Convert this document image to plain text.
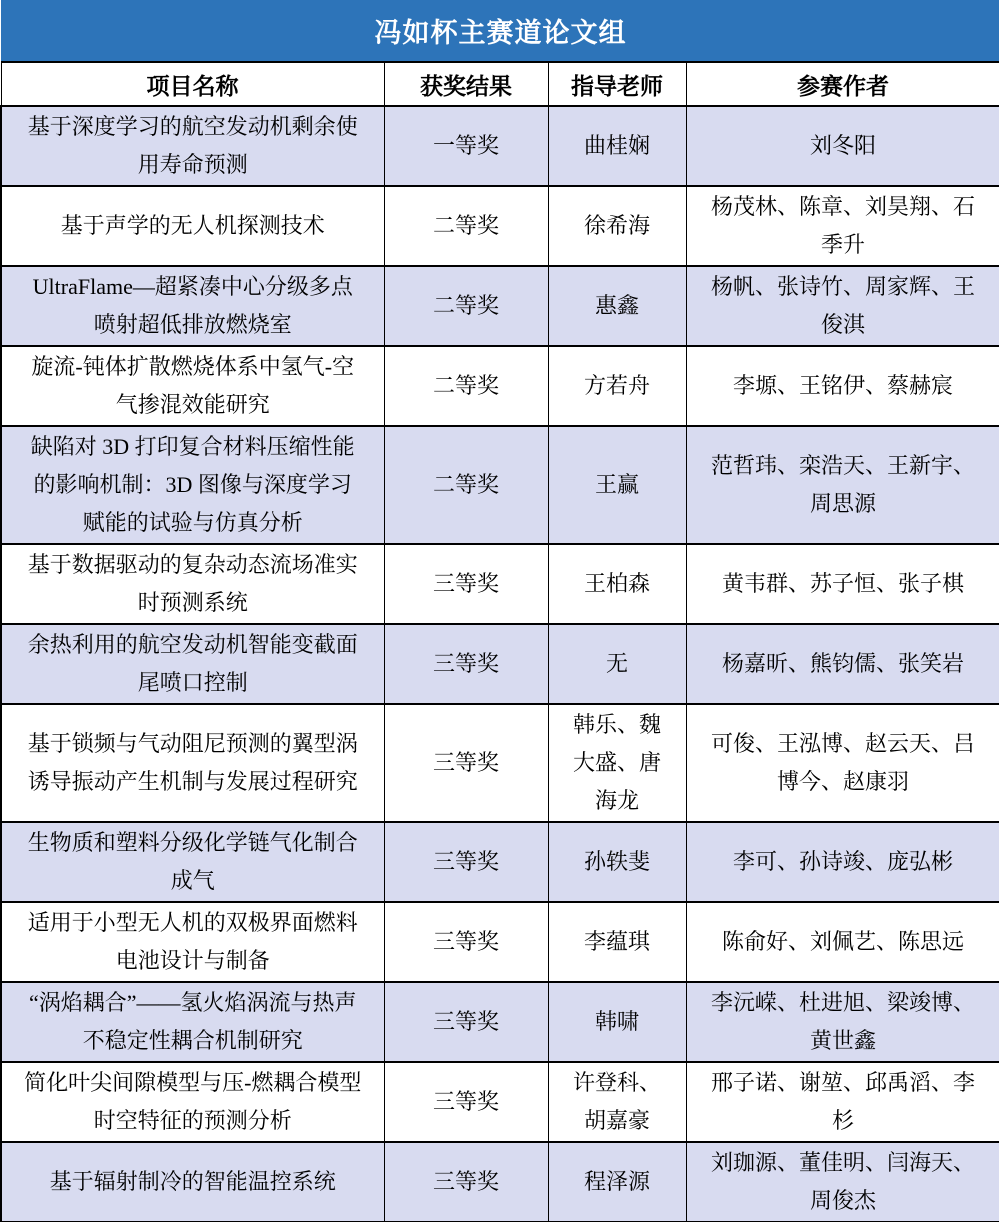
冯如杯主赛道论文组			
项目名称	获奖结果	指导老师	参赛作者
基于深度学习的航空发动机剩余使用寿命预测	一等奖	曲桂娴	刘冬阳
基于声学的无人机探测技术	二等奖	徐希海	杨茂林、陈章、刘昊翔、石季升
UltraFlame—超紧凑中心分级多点喷射超低排放燃烧室	二等奖	惠鑫	杨帆、张诗竹、周家辉、王俊淇
旋流-钝体扩散燃烧体系中氢气-空气掺混效能研究	二等奖	方若舟	李塬、王铭伊、蔡赫宸
缺陷对 3D 打印复合材料压缩性能的影响机制：3D 图像与深度学习赋能的试验与仿真分析	二等奖	王赢	范哲玮、栾浩天、王新宇、周思源
基于数据驱动的复杂动态流场准实时预测系统	三等奖	王柏森	黄韦群、苏子恒、张子棋
余热利用的航空发动机智能变截面尾喷口控制	三等奖	无	杨嘉昕、熊钧儒、张笑岩
基于锁频与气动阻尼预测的翼型涡诱导振动产生机制与发展过程研究	三等奖	韩乐、魏大盛、唐海龙	可俊、王泓博、赵云天、吕博今、赵康羽
生物质和塑料分级化学链气化制合成气	三等奖	孙轶斐	李可、孙诗竣、庞弘彬
适用于小型无人机的双极界面燃料电池设计与制备	三等奖	李蕴琪	陈俞好、刘佩艺、陈思远
“涡焰耦合”——氢火焰涡流与热声不稳定性耦合机制研究	三等奖	韩啸	李沅嵘、杜进旭、梁竣博、黄世鑫
简化叶尖间隙模型与压-燃耦合模型时空特征的预测分析	三等奖	许登科、胡嘉豪	邢子诺、谢堃、邱禹滔、李杉
基于辐射制冷的智能温控系统	三等奖	程泽源	刘珈源、董佳明、闫海天、周俊杰
